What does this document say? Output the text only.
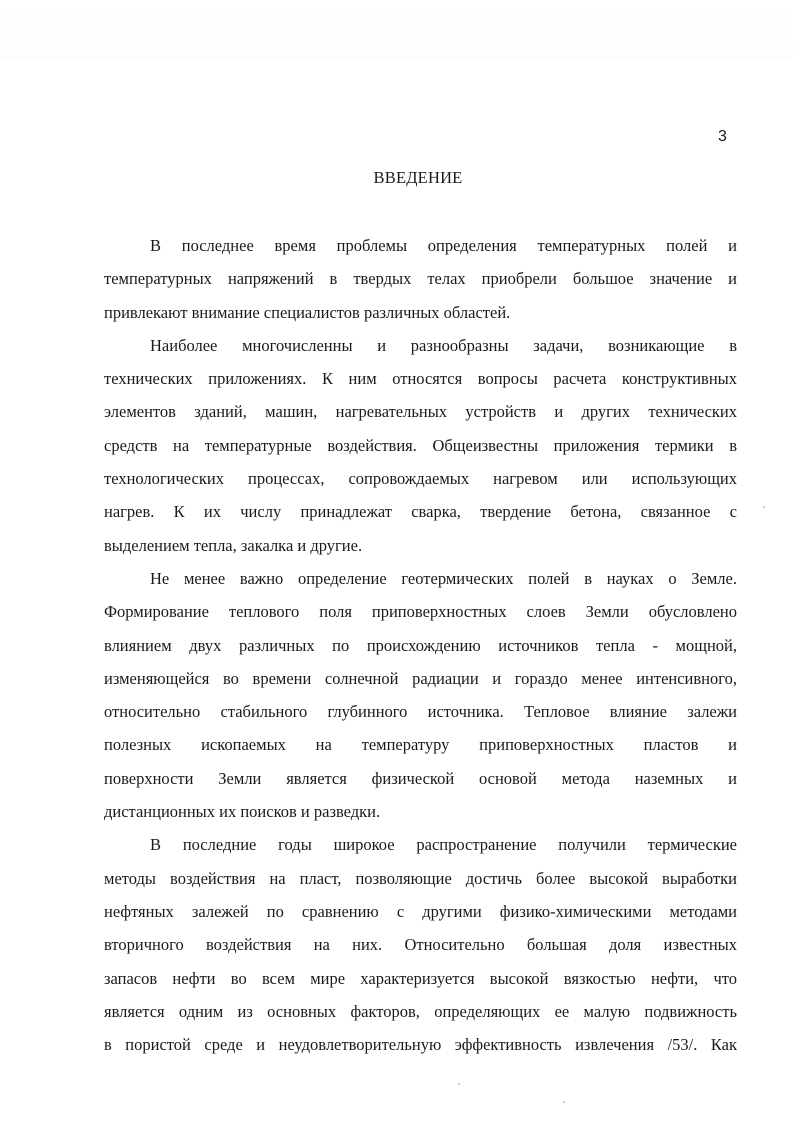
3
ВВЕДЕНИЕ

В последнее время проблемы определения температурных полей и
температурных напряжений в твердых телах приобрели большое значение и
привлекают внимание специалистов различных областей.

Наиболее многочисленны и разнообразны задачи, возникающие в
технических приложениях. К ним относятся вопросы расчета конструктивных
элементов зданий, машин, нагревательных устройств и других технических
средств на температурные воздействия. Общеизвестны приложения термики в
технологических процессах, сопровождаемых нагревом или использующих
нагрев. К их числу принадлежат сварка, твердение бетона, связанное с
выделением тепла, закалка и другие.

Не менее важно определение геотермических полей в науках о Земле.
Формирование теплового поля приповерхностных слоев Земли обусловлено
влиянием двух различных по происхождению источников тепла - мощной,
изменяющейся во времени солнечной радиации и гораздо менее интенсивного,
относительно стабильного глубинного источника. Тепловое влияние залежи
полезных ископаемых на температуру приповерхностных пластов и
поверхности Земли является физической основой метода наземных и
дистанционных их поисков и разведки.

В последние годы широкое распространение получили термические
методы воздействия на пласт, позволяющие достичь более высокой выработки
нефтяных залежей по сравнению с другими физико-химическими методами
вторичного воздействия на них. Относительно большая доля известных
запасов нефти во всем мире характеризуется высокой вязкостью нефти, что
является одним из основных факторов, определяющих ее малую подвижность
в пористой среде и неудовлетворительную эффективность извлечения /53/. Как
